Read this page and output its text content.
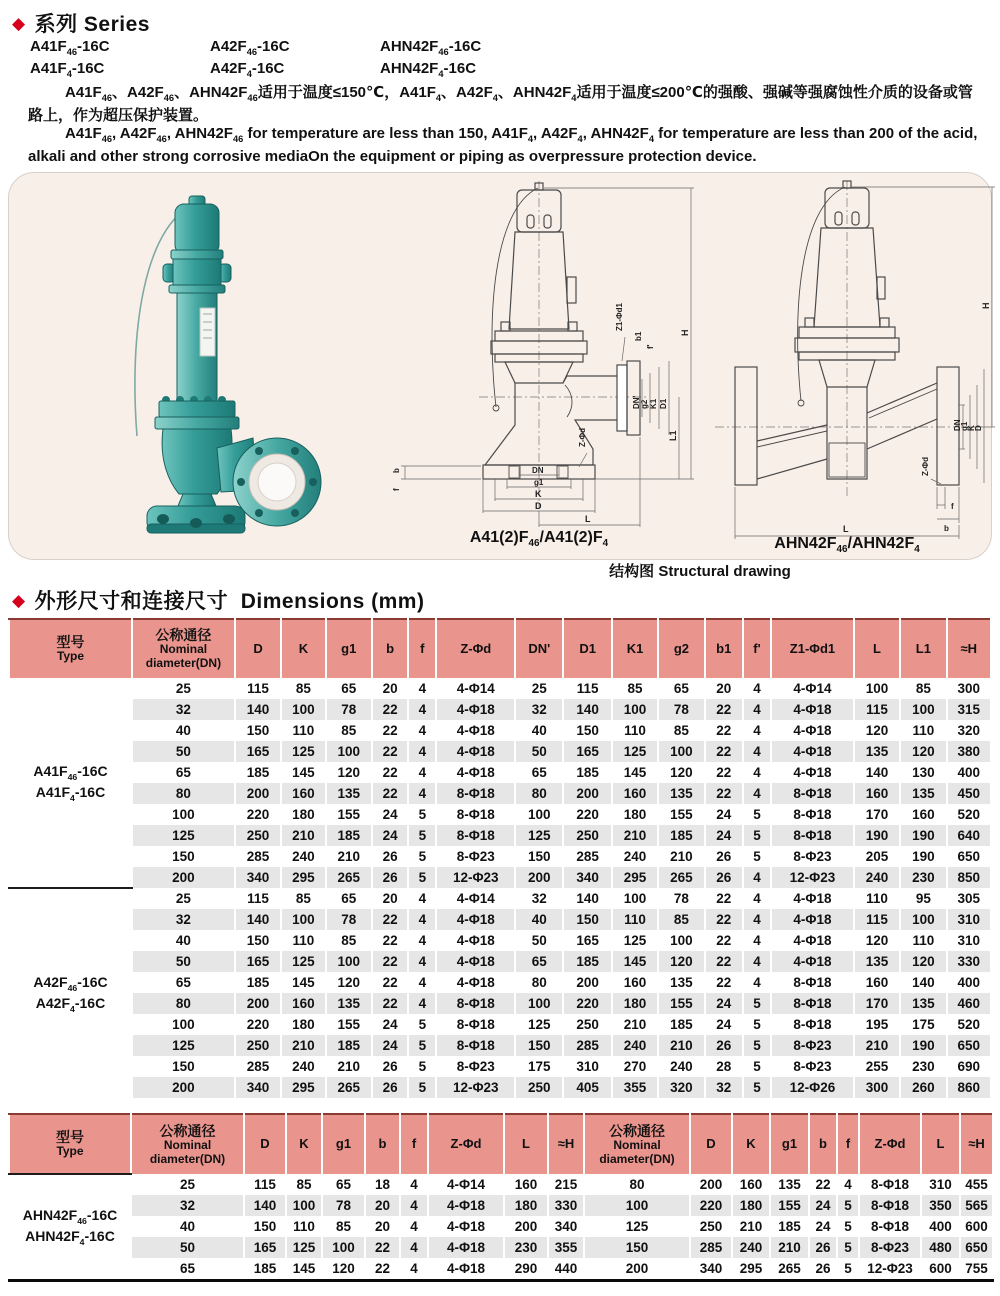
◆ 系列 Series
$A41F_{46}-16C$	$A42F_{46}-16C$	$AHN42F_{46}-16C$
$A41F_4-16C$	$A42F_4-16C$	$AHN42F_4-16C$
$A41F_{46}$、$A42F_{46}$、$AHN42F_{46}$适用于温度≤150℃，$A41F_4$、$A42F_4$、$AHN42F_4$适用于温度≤200℃的强酸、强碱等强腐蚀性介质的设备或管路上，作为超压保护装置。
$A41F_{46}$, $A42F_{46}$, $AHN42F_{46}$ for temperature are less than 150, $A41F_4$, $A42F_4$, $AHN42F_4$ for temperature are less than 200 of the acid, alkali and other strong corrosive mediaOn the equipment or piping as overpressure protection device.
H
L1
D1
K1
g2
DN'
Z1-Φd1
b1
f'
Z-Φd
DN
g1
K
D
L
b
f
$A41(2)F_{46}/A41(2)F_4$
H
DN
g1
K
D
Z-Φd
f
b
L
$AHN42F_{46}/AHN42F_4$
结构图 Structural drawing
◆ 外形尺寸和连接尺寸 Dimensions (mm)
型号
Type

公称通径
Nominal diameter(DN)
	D	K	g1	b	f	Z-Φd	DN'	D1	K1	g2	b1	f'	Z1-Φd1	L	L1	≈H

$A41F_{46}-16C$
$A41F_4-16C$	25	115	85	65	20	4	4-Φ14	25	115	85	65	20	4	4-Φ14	100	85	300
	32	140	100	78	22	4	4-Φ18	32	140	100	78	22	4	4-Φ18	115	100	315
	40	150	110	85	22	4	4-Φ18	40	150	110	85	22	4	4-Φ18	120	110	320
	50	165	125	100	22	4	4-Φ18	50	165	125	100	22	4	4-Φ18	135	120	380
	65	185	145	120	22	4	4-Φ18	65	185	145	120	22	4	4-Φ18	140	130	400
	80	200	160	135	22	4	8-Φ18	80	200	160	135	22	4	8-Φ18	160	135	450
	100	220	180	155	24	5	8-Φ18	100	220	180	155	24	5	8-Φ18	170	160	520
	125	250	210	185	24	5	8-Φ18	125	250	210	185	24	5	8-Φ18	190	190	640
	150	285	240	210	26	5	8-Φ23	150	285	240	210	26	5	8-Φ23	205	190	650
	200	340	295	265	26	5	12-Φ23	200	340	295	265	26	4	12-Φ23	240	230	850

$A42F_{46}-16C$
$A42F_4-16C$	25	115	85	65	20	4	4-Φ14	32	140	100	78	22	4	4-Φ18	110	95	305
	32	140	100	78	22	4	4-Φ18	40	150	110	85	22	4	4-Φ18	115	100	310
	40	150	110	85	22	4	4-Φ18	50	165	125	100	22	4	4-Φ18	120	110	310
	50	165	125	100	22	4	4-Φ18	65	185	145	120	22	4	4-Φ18	135	120	330
	65	185	145	120	22	4	4-Φ18	80	200	160	135	22	4	8-Φ18	160	140	400
	80	200	160	135	22	4	8-Φ18	100	220	180	155	24	5	8-Φ18	170	135	460
	100	220	180	155	24	5	8-Φ18	125	250	210	185	24	5	8-Φ18	195	175	520
	125	250	210	185	24	5	8-Φ18	150	285	240	210	26	5	8-Φ23	210	190	650
	150	285	240	210	26	5	8-Φ23	175	310	270	240	28	5	8-Φ23	255	230	690
	200	340	295	265	26	5	12-Φ23	250	405	355	320	32	5	12-Φ26	300	260	860
型号
Type

公称通径
Nominal diameter(DN)
	D	K	g1	b	f	Z-Φd	L	≈H	
公称通径
Nominal diameter(DN)
	D	K	g1	b	f	Z-Φd	L	≈H

$AHN42F_{46}-16C$
$AHN42F_4-16C$	25	115	85	65	18	4	4-Φ14	160	215	80	200	160	135	22	4	8-Φ18	310	455
	32	140	100	78	20	4	4-Φ18	180	330	100	220	180	155	24	5	8-Φ18	350	565
	40	150	110	85	20	4	4-Φ18	200	340	125	250	210	185	24	5	8-Φ18	400	600
	50	165	125	100	22	4	4-Φ18	230	355	150	285	240	210	26	5	8-Φ23	480	650
	65	185	145	120	22	4	4-Φ18	290	440	200	340	295	265	26	5	12-Φ23	600	755
